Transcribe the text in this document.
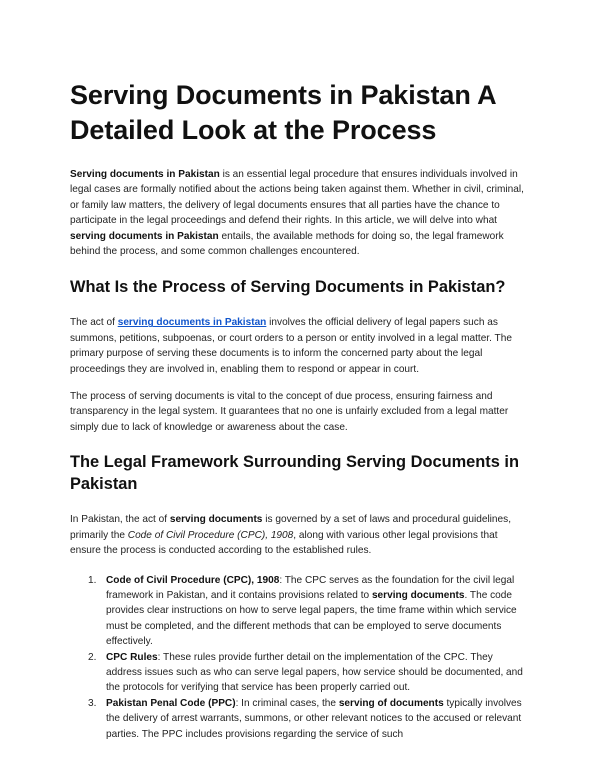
Serving Documents in Pakistan A Detailed Look at the Process

Serving documents in Pakistan is an essential legal procedure that ensures individuals involved in legal cases are formally notified about the actions being taken against them. Whether in civil, criminal, or family law matters, the delivery of legal documents ensures that all parties have the chance to participate in the legal proceedings and defend their rights. In this article, we will delve into what serving documents in Pakistan entails, the available methods for doing so, the legal framework behind the process, and some common challenges encountered.

What Is the Process of Serving Documents in Pakistan?

The act of serving documents in Pakistan involves the official delivery of legal papers such as summons, petitions, subpoenas, or court orders to a person or entity involved in a legal matter. The primary purpose of serving these documents is to inform the concerned party about the legal proceedings they are involved in, enabling them to respond or appear in court.

The process of serving documents is vital to the concept of due process, ensuring fairness and transparency in the legal system. It guarantees that no one is unfairly excluded from a legal matter simply due to lack of knowledge or awareness about the case.

The Legal Framework Surrounding Serving Documents in Pakistan

In Pakistan, the act of serving documents is governed by a set of laws and procedural guidelines, primarily the Code of Civil Procedure (CPC), 1908, along with various other legal provisions that ensure the process is conducted according to the established rules.

1. Code of Civil Procedure (CPC), 1908: The CPC serves as the foundation for the civil legal framework in Pakistan, and it contains provisions related to serving documents. The code provides clear instructions on how to serve legal papers, the time frame within which service must be completed, and the different methods that can be employed to serve documents effectively.
2. CPC Rules: These rules provide further detail on the implementation of the CPC. They address issues such as who can serve legal papers, how service should be documented, and the protocols for verifying that service has been properly carried out.
3. Pakistan Penal Code (PPC): In criminal cases, the serving of documents typically involves the delivery of arrest warrants, summons, or other relevant notices to the accused or relevant parties. The PPC includes provisions regarding the service of such
